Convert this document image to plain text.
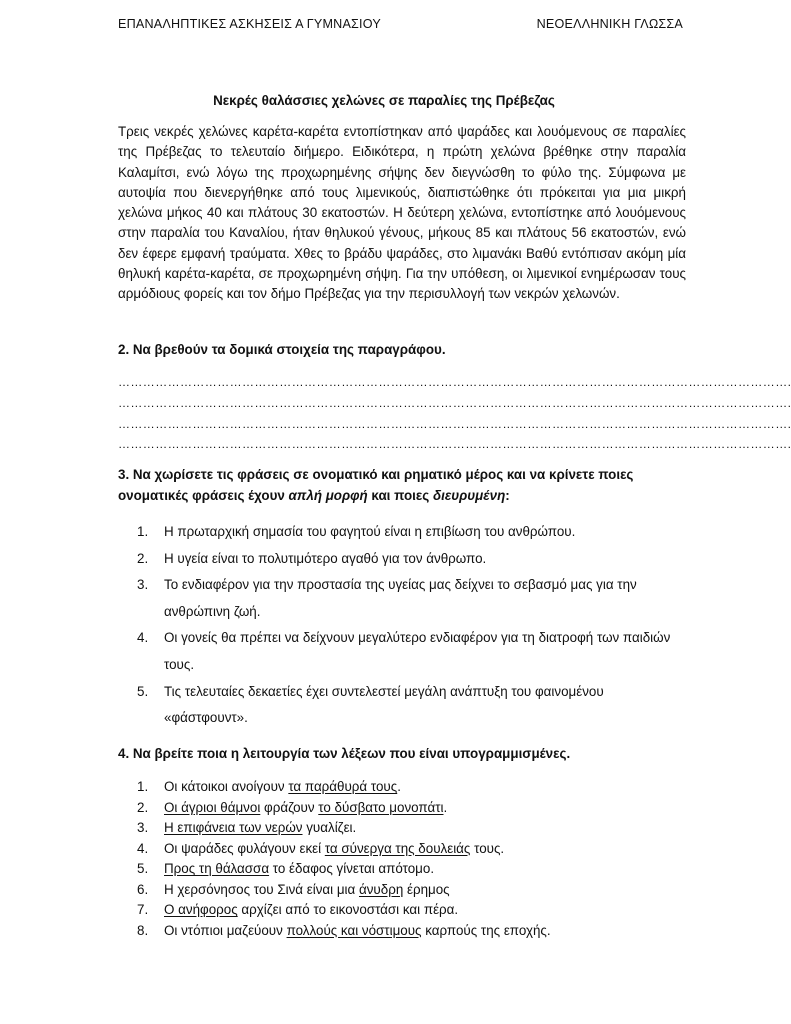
ΕΠΑΝΑΛΗΠΤΙΚΕΣ ΑΣΚΗΣΕΙΣ Α ΓΥΜΝΑΣΙΟΥ	ΝΕΟΕΛΛΗΝΙΚΗ ΓΛΩΣΣΑ
Νεκρές θαλάσσιες χελώνες σε παραλίες της Πρέβεζας
Τρεις νεκρές χελώνες καρέτα-καρέτα εντοπίστηκαν από ψαράδες και λουόμενους σε παραλίες της Πρέβεζας το τελευταίο διήμερο. Ειδικότερα, η πρώτη χελώνα βρέθηκε στην παραλία Καλαμίτσι, ενώ λόγω της προχωρημένης σήψης δεν διεγνώσθη το φύλο της. Σύμφωνα με αυτοψία που διενεργήθηκε από τους λιμενικούς, διαπιστώθηκε ότι πρόκειται για μια μικρή χελώνα μήκος 40 και πλάτους 30 εκατοστών. Η δεύτερη χελώνα, εντοπίστηκε από λουόμενους στην παραλία του Καναλίου, ήταν θηλυκού γένους, μήκους 85 και πλάτους 56 εκατοστών, ενώ δεν έφερε εμφανή τραύματα. Χθες το βράδυ ψαράδες, στο λιμανάκι Βαθύ εντόπισαν ακόμη μία θηλυκή καρέτα-καρέτα, σε προχωρημένη σήψη. Για την υπόθεση, οι λιμενικοί ενημέρωσαν τους αρμόδιους φορείς και τον δήμο Πρέβεζας για την περισυλλογή των νεκρών χελωνών.
2. Να βρεθούν τα δομικά στοιχεία της παραγράφου.
……………………………………………………………………………………………………………………………………………….
……………………………………………………………………………………………………………………………………………….
……………………………………………………………………………………………………………………………………………….
……………………………………………………………………………………………………………………………………………….
3. Να χωρίσετε τις φράσεις σε ονοματικό και ρηματικό μέρος και να κρίνετε ποιες ονοματικές φράσεις έχουν απλή μορφή και ποιες διευρυμένη:
1. Η πρωταρχική σημασία του φαγητού είναι η επιβίωση του ανθρώπου.
2. Η υγεία είναι το πολυτιμότερο αγαθό για τον άνθρωπο.
3. Το ενδιαφέρον για την προστασία της υγείας μας δείχνει το σεβασμό μας για την ανθρώπινη ζωή.
4. Οι γονείς θα πρέπει να δείχνουν μεγαλύτερο ενδιαφέρον για τη διατροφή των παιδιών τους.
5. Τις τελευταίες δεκαετίες έχει συντελεστεί μεγάλη ανάπτυξη του φαινομένου «φάστφουντ».
4. Να βρείτε ποια η λειτουργία των λέξεων που είναι υπογραμμισμένες.
1. Οι κάτοικοι ανοίγουν τα παράθυρά τους.
2. Οι άγριοι θάμνοι φράζουν το δύσβατο μονοπάτι.
3. Η επιφάνεια των νερών γυαλίζει.
4. Οι ψαράδες φυλάγουν εκεί τα σύνεργα της δουλειάς τους.
5. Προς τη θάλασσα το έδαφος γίνεται απότομο.
6. Η χερσόνησος του Σινά είναι μια άνυδρη έρημος
7. Ο ανήφορος αρχίζει από το εικονοστάσι και πέρα.
8. Οι ντόπιοι μαζεύουν πολλούς και νόστιμους καρπούς της εποχής.
